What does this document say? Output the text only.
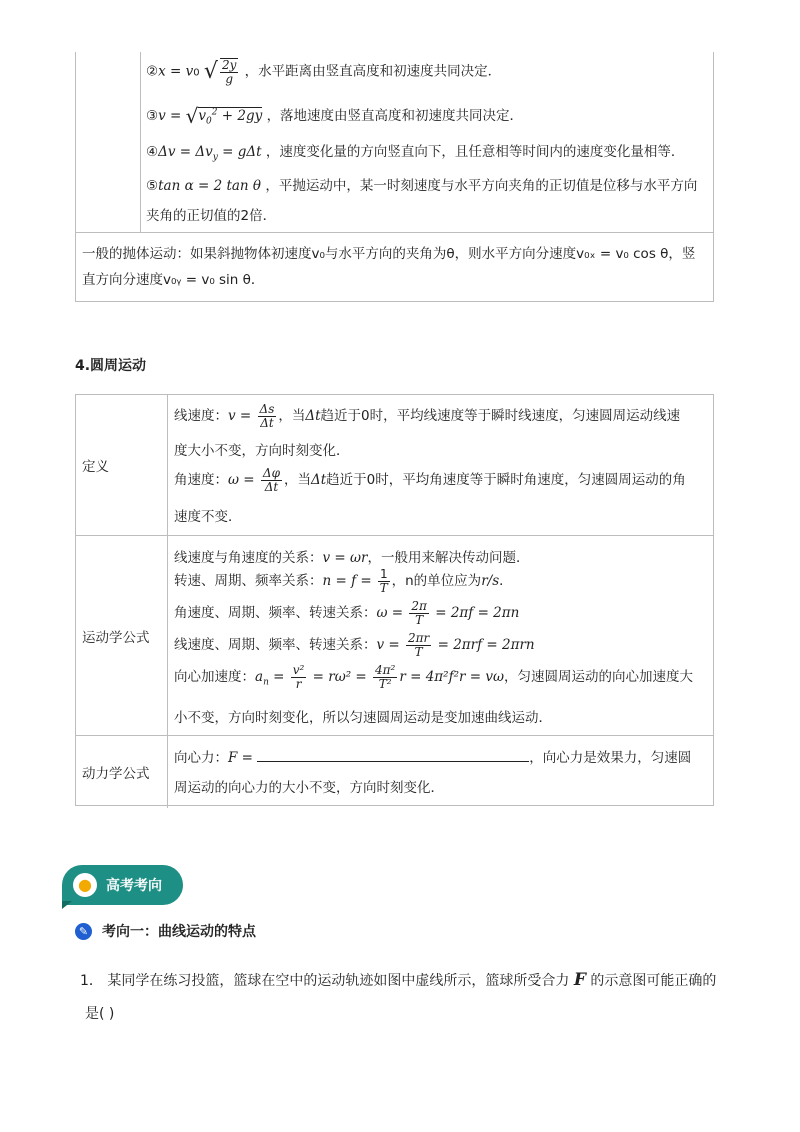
②x = v0 √ $\frac{2y}{g}$ ，水平距离由竖直高度和初速度共同决定．
③v = $√v_0^2 + 2gy$ ，落地速度由竖直高度和初速度共同决定．
④Δv = $\Delta v_y = g\Delta t$ ，速度变化量的方向竖直向下，且任意相等时间内的速度变化量相等．
⑤tan α = 2 tan θ ，平抛运动中，某一时刻速度与水平方向夹角的正切值是位移与水平方向
夹角的正切值的2倍．
一般的抛体运动：如果斜抛物体初速度v₀与水平方向的夹角为θ，则水平方向分速度v₀ₓ = v₀ cos θ，竖
直方向分速度v₀ᵧ = v₀ sin θ．
4.圆周运动
定义
线速度：$v = \frac{\Delta s}{\Delta t}$ ，当Δt趋近于0时，平均线速度等于瞬时线速度，匀速圆周运动线速
度大小不变，方向时刻变化．
角速度：$\omega = \frac{\Delta\varphi}{\Delta t}$ ，当Δt趋近于0时，平均角速度等于瞬时角速度，匀速圆周运动的角
速度不变．
运动学公式
线速度与角速度的关系：v = ωr，一般用来解决传动问题．
转速、周期、频率关系：$n = f = \frac{1}{T}$ ，n的单位应为r/s．
角速度、周期、频率、转速关系：$\omega = \frac{2\pi}{T} = 2\pi f = 2\pi n$
线速度、周期、频率、转速关系：$v = \frac{2\pi r}{T} = 2\pi rf = 2\pi rn$
向心加速度：$a_n = \frac{\text{v²}}{r} = r\omega^2 = \frac{\text{4π²}}{\text{T²}}$ r = 4π²f²r = vω，匀速圆周运动的向心加速度大
小不变，方向时刻变化，所以匀速圆周运动是变加速曲线运动．
动力学公式
向心力：F =	，向心力是效果力，匀速圆
周运动的向心力的大小不变，方向时刻变化．
●	高考考向
✎ 考向一：曲线运动的特点
1． 某同学在练习投篮，篮球在空中的运动轨迹如图中虚线所示，篮球所受合力 F 的示意图可能正确的
是( )
